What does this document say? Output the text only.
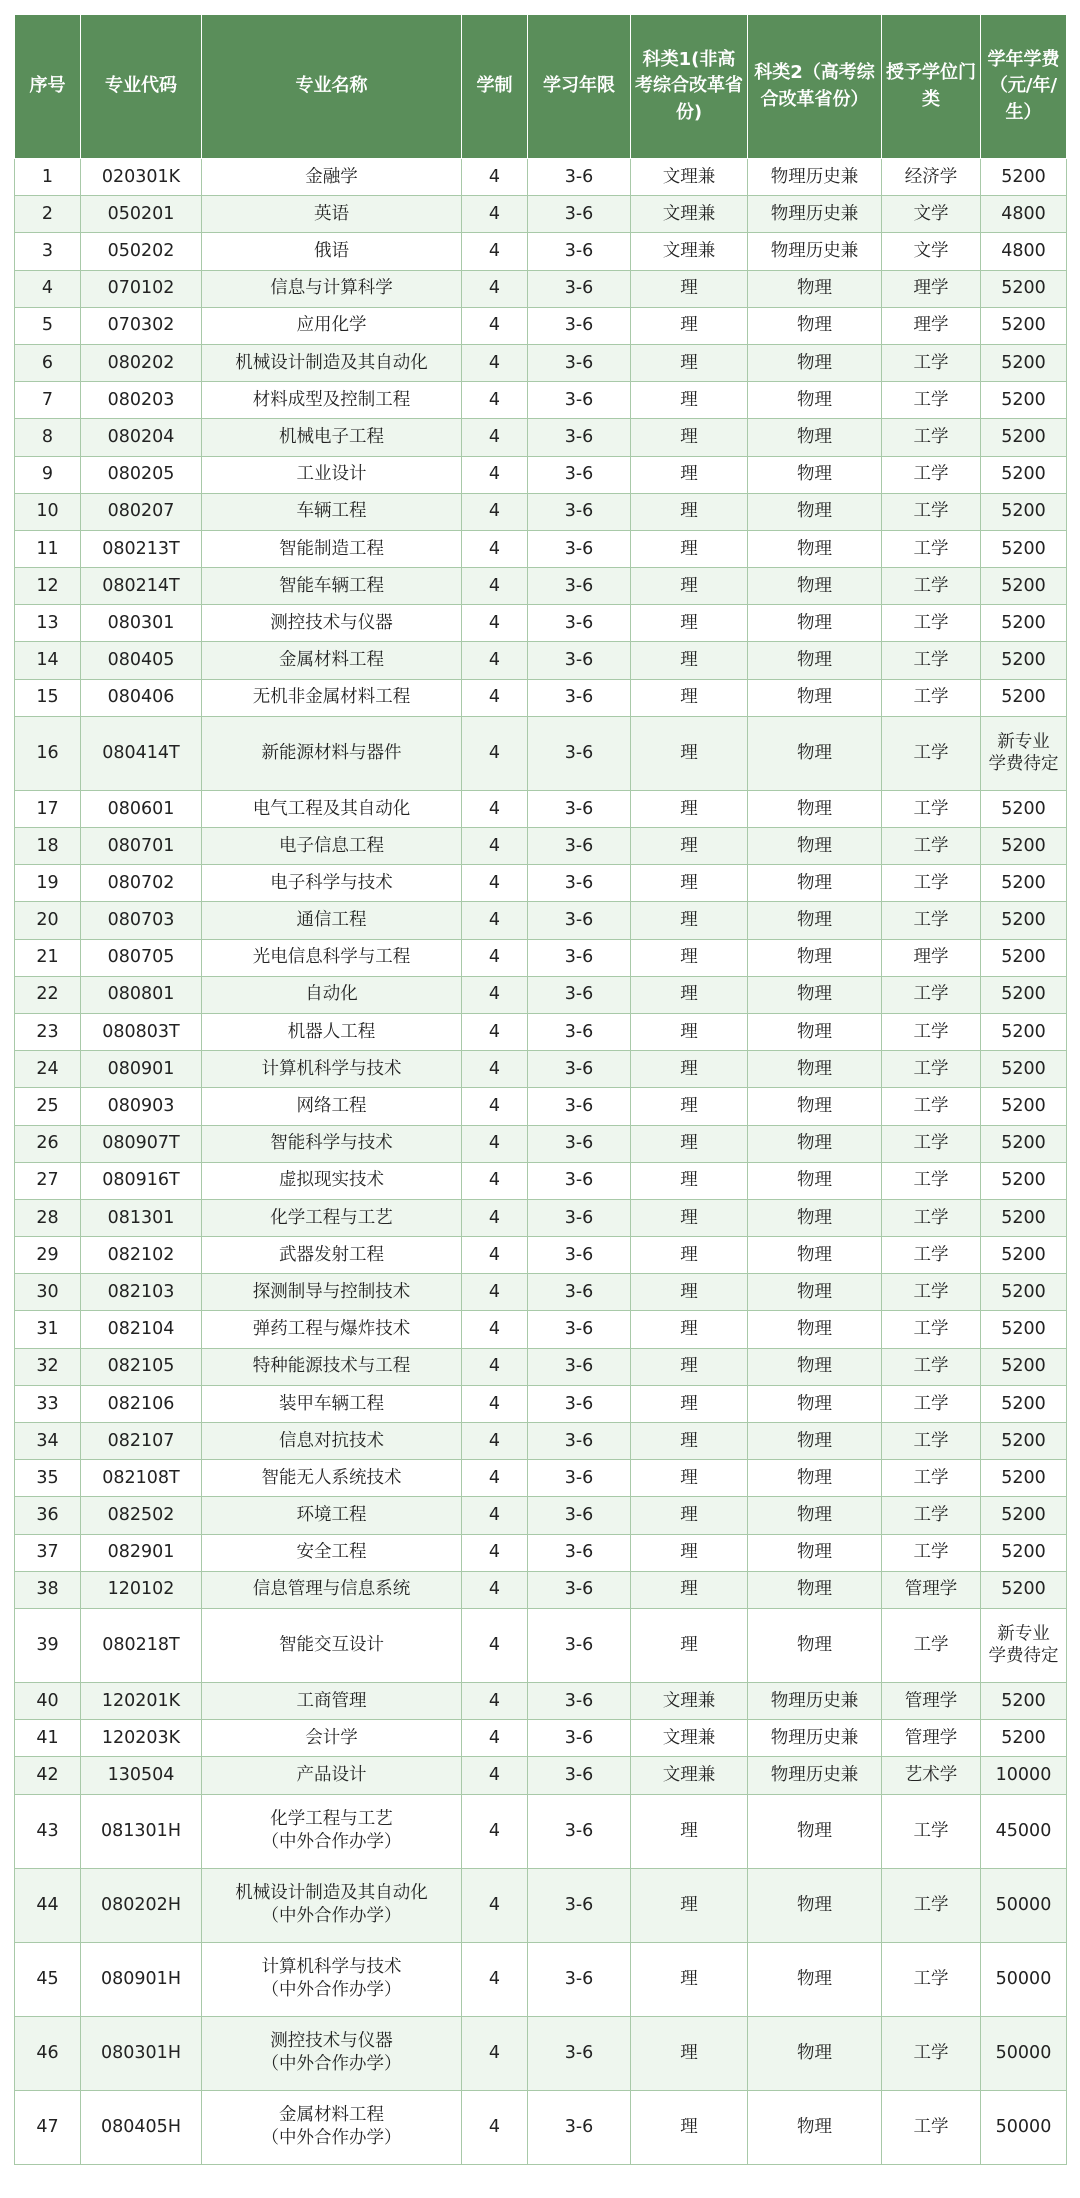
序号	专业代码	专业名称	学制	学习年限	科类1(非高考综合改革省份)	科类2（高考综合改革省份）	授予学位门类	学年学费（元/年/生）
1	020301K	金融学	4	3-6	文理兼	物理历史兼	经济学	5200

2	050201	英语	4	3-6	文理兼	物理历史兼	文学	4800

3	050202	俄语	4	3-6	文理兼	物理历史兼	文学	4800

4	070102	信息与计算科学	4	3-6	理	物理	理学	5200

5	070302	应用化学	4	3-6	理	物理	理学	5200

6	080202	机械设计制造及其自动化	4	3-6	理	物理	工学	5200

7	080203	材料成型及控制工程	4	3-6	理	物理	工学	5200

8	080204	机械电子工程	4	3-6	理	物理	工学	5200

9	080205	工业设计	4	3-6	理	物理	工学	5200

10	080207	车辆工程	4	3-6	理	物理	工学	5200

11	080213T	智能制造工程	4	3-6	理	物理	工学	5200

12	080214T	智能车辆工程	4	3-6	理	物理	工学	5200

13	080301	测控技术与仪器	4	3-6	理	物理	工学	5200

14	080405	金属材料工程	4	3-6	理	物理	工学	5200

15	080406	无机非金属材料工程	4	3-6	理	物理	工学	5200

16	080414T	新能源材料与器件	4	3-6	理	物理	工学	新专业
学费待定

17	080601	电气工程及其自动化	4	3-6	理	物理	工学	5200

18	080701	电子信息工程	4	3-6	理	物理	工学	5200

19	080702	电子科学与技术	4	3-6	理	物理	工学	5200

20	080703	通信工程	4	3-6	理	物理	工学	5200

21	080705	光电信息科学与工程	4	3-6	理	物理	理学	5200

22	080801	自动化	4	3-6	理	物理	工学	5200

23	080803T	机器人工程	4	3-6	理	物理	工学	5200

24	080901	计算机科学与技术	4	3-6	理	物理	工学	5200

25	080903	网络工程	4	3-6	理	物理	工学	5200

26	080907T	智能科学与技术	4	3-6	理	物理	工学	5200

27	080916T	虚拟现实技术	4	3-6	理	物理	工学	5200

28	081301	化学工程与工艺	4	3-6	理	物理	工学	5200

29	082102	武器发射工程	4	3-6	理	物理	工学	5200

30	082103	探测制导与控制技术	4	3-6	理	物理	工学	5200

31	082104	弹药工程与爆炸技术	4	3-6	理	物理	工学	5200

32	082105	特种能源技术与工程	4	3-6	理	物理	工学	5200

33	082106	装甲车辆工程	4	3-6	理	物理	工学	5200

34	082107	信息对抗技术	4	3-6	理	物理	工学	5200

35	082108T	智能无人系统技术	4	3-6	理	物理	工学	5200

36	082502	环境工程	4	3-6	理	物理	工学	5200

37	082901	安全工程	4	3-6	理	物理	工学	5200

38	120102	信息管理与信息系统	4	3-6	理	物理	管理学	5200

39	080218T	智能交互设计	4	3-6	理	物理	工学	新专业
学费待定

40	120201K	工商管理	4	3-6	文理兼	物理历史兼	管理学	5200

41	120203K	会计学	4	3-6	文理兼	物理历史兼	管理学	5200

42	130504	产品设计	4	3-6	文理兼	物理历史兼	艺术学	10000

43	081301H	化学工程与工艺
（中外合作办学）	4	3-6	理	物理	工学	45000

44	080202H	机械设计制造及其自动化
（中外合作办学）	4	3-6	理	物理	工学	50000

45	080901H	计算机科学与技术
（中外合作办学）	4	3-6	理	物理	工学	50000

46	080301H	测控技术与仪器
（中外合作办学）	4	3-6	理	物理	工学	50000

47	080405H	金属材料工程
（中外合作办学）	4	3-6	理	物理	工学	50000
